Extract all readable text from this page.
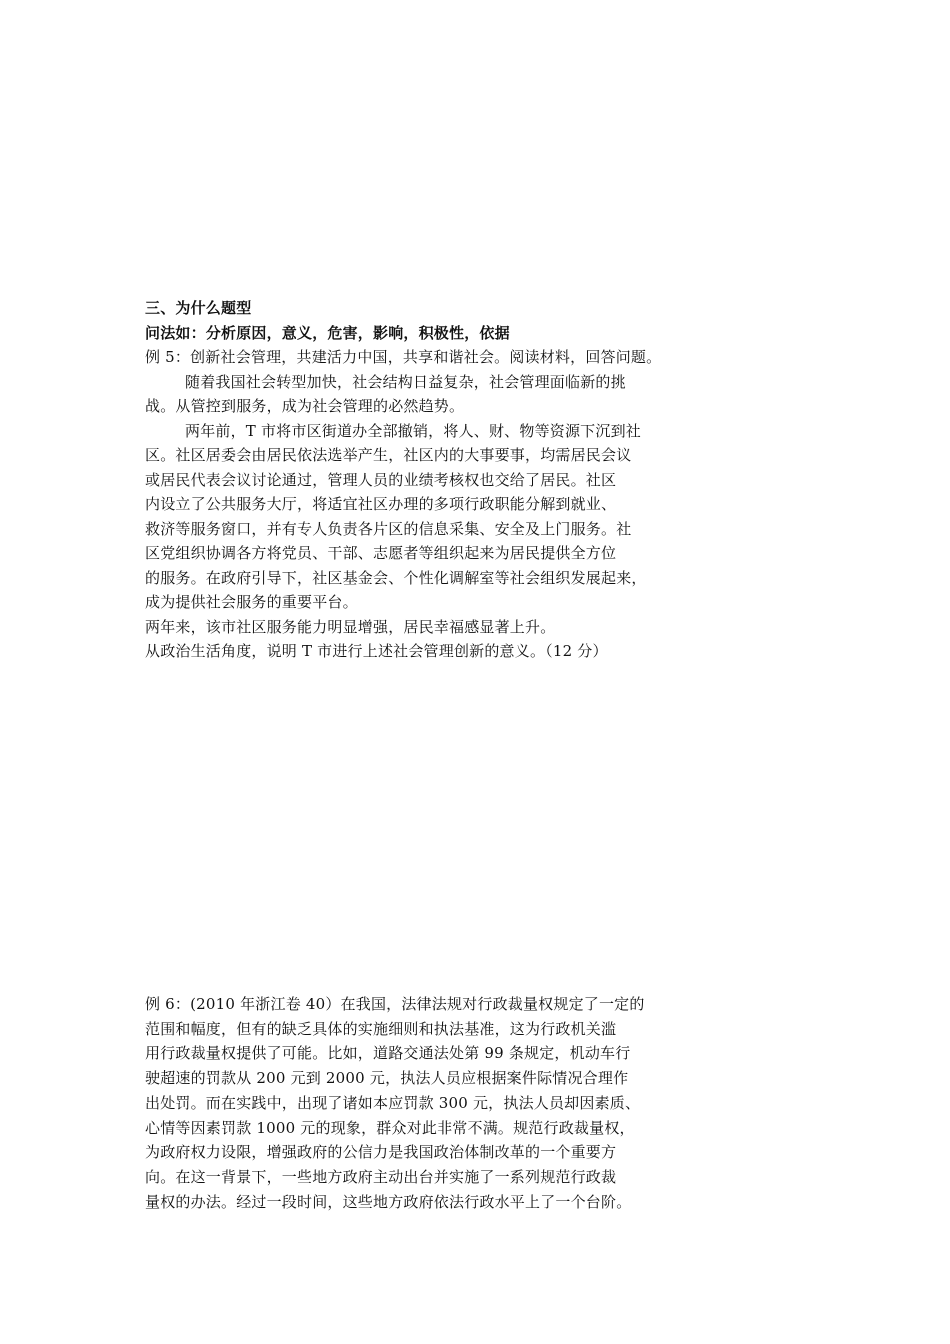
三、为什么题型
问法如：分析原因，意义，危害，影响，积极性，依据
例 5：创新社会管理，共建活力中国，共享和谐社会。阅读材料，回答问题。
随着我国社会转型加快，社会结构日益复杂，社会管理面临新的挑
战。从管控到服务，成为社会管理的必然趋势。
两年前，T 市将市区街道办全部撤销，将人、财、物等资源下沉到社
区。社区居委会由居民依法选举产生，社区内的大事要事，均需居民会议
或居民代表会议讨论通过，管理人员的业绩考核权也交给了居民。社区
内设立了公共服务大厅，将适宜社区办理的多项行政职能分解到就业、
救济等服务窗口，并有专人负责各片区的信息采集、安全及上门服务。社
区党组织协调各方将党员、干部、志愿者等组织起来为居民提供全方位
的服务。在政府引导下，社区基金会、个性化调解室等社会组织发展起来，
成为提供社会服务的重要平台。
两年来，该市社区服务能力明显增强，居民幸福感显著上升。
从政治生活角度，说明 T 市进行上述社会管理创新的意义。（12 分）
例 6：(2010 年浙江卷 40）在我国，法律法规对行政裁量权规定了一定的
范围和幅度，但有的缺乏具体的实施细则和执法基准，这为行政机关滥
用行政裁量权提供了可能。比如，道路交通法处第 99 条规定，机动车行
驶超速的罚款从 200 元到 2000 元，执法人员应根据案件际情况合理作
出处罚。而在实践中，出现了诸如本应罚款 300 元，执法人员却因素质、
心情等因素罚款 1000 元的现象，群众对此非常不满。规范行政裁量权，
为政府权力设限，增强政府的公信力是我国政治体制改革的一个重要方
向。在这一背景下，一些地方政府主动出台并实施了一系列规范行政裁
量权的办法。经过一段时间，这些地方政府依法行政水平上了一个台阶。
